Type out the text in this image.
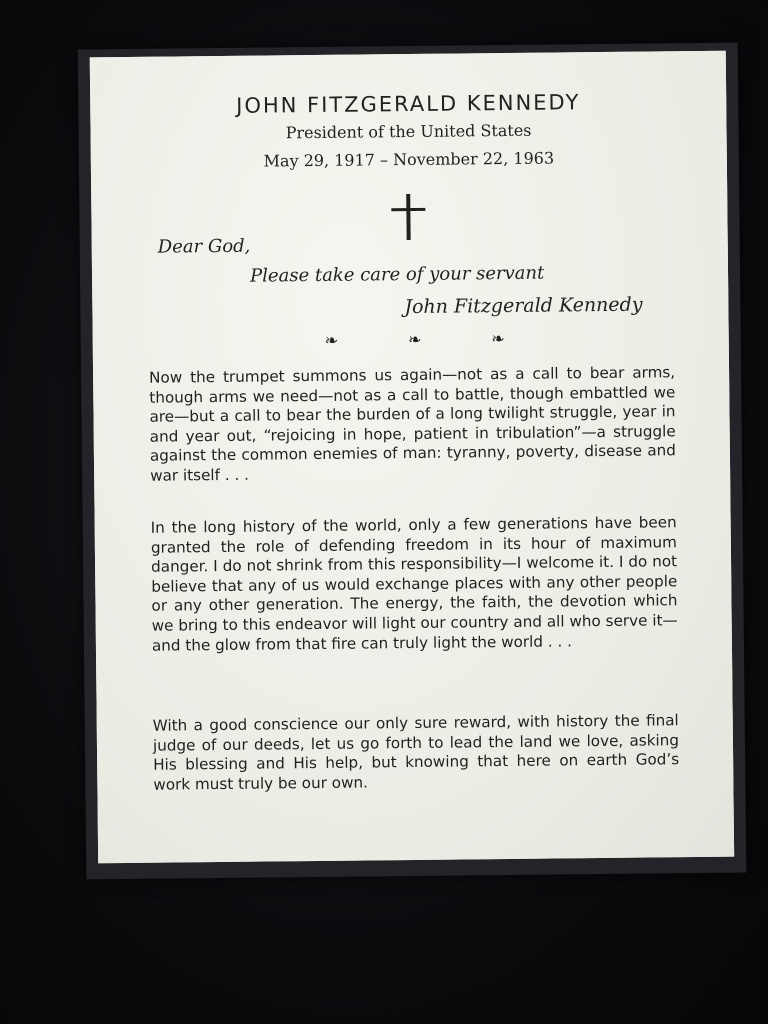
JOHN FITZGERALD KENNEDY

President of the United States

May 29, 1917 – November 22, 1963

Dear God,
Please take care of your servant
John Fitzgerald Kennedy
❧	❧	❧

Now the trumpet summons us again—not as a call to bear arms, though arms we need—not as a call to battle, though embattled we are—but a call to bear the burden of a long twilight struggle, year in and year out, “rejoicing in hope, patient in tribulation”—a struggle against the common enemies of man: tyranny, poverty, disease and war itself . . .

In the long history of the world, only a few generations have been granted the role of defending freedom in its hour of maximum danger. I do not shrink from this responsibility—I welcome it. I do not believe that any of us would exchange places with any other people or any other generation. The energy, the faith, the devotion which we bring to this endeavor will light our country and all who serve it—and the glow from that fire can truly light the world . . .

With a good conscience our only sure reward, with history the final judge of our deeds, let us go forth to lead the land we love, asking His blessing and His help, but knowing that here on earth God’s work must truly be our own.
